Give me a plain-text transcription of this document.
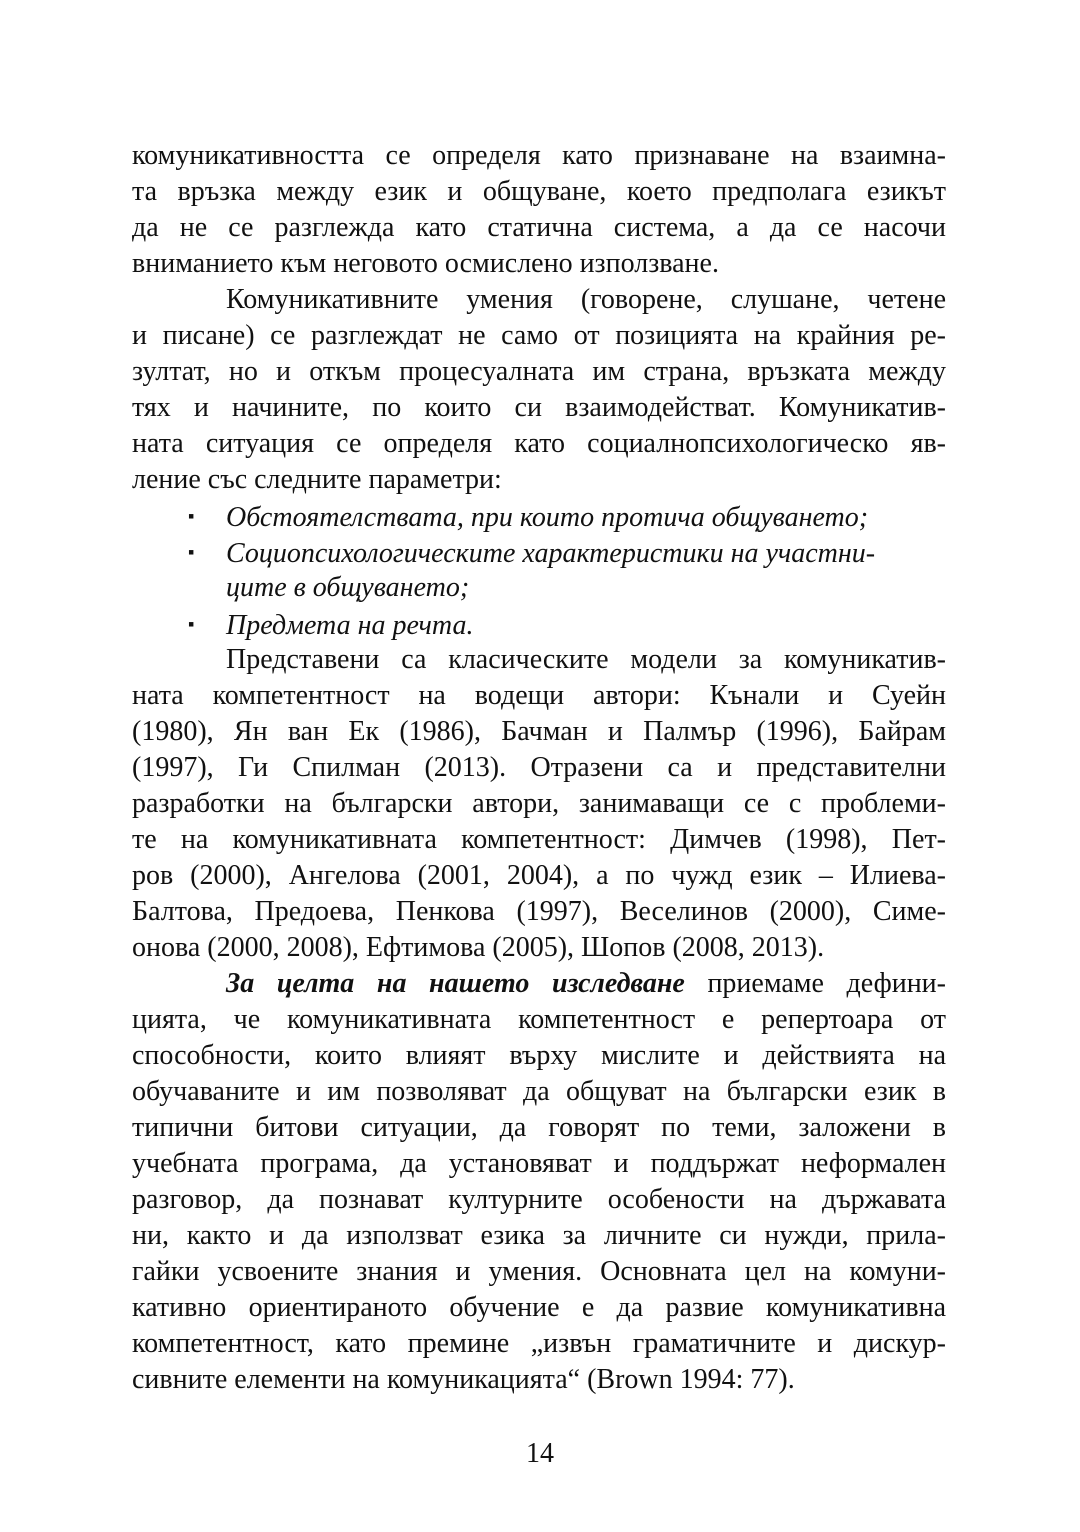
комуникативността се определя като признаване на взаимна-
та връзка между език и общуване, което предполага езикът
да не се разглежда като статична система, а да се насочи
вниманието към неговото осмислено използване.
Комуникативните умения (говорене, слушане, четене
и писане) се разглеждат не само от позицията на крайния ре-
зултат, но и откъм процесуалната им страна, връзката между
тях и начините, по които си взаимодействат. Комуникатив-
ната ситуация се определя като социалнопсихологическо яв-
ление със следните параметри:
▪ Обстоятелствата, при които протича общуването;
▪ Социопсихологическите характеристики на участни-
ците в общуването;
▪ Предмета на речта.
Представени са класическите модели за комуникатив-
ната компетентност на водещи автори: Кънали и Суейн
(1980), Ян ван Ек (1986), Бачман и Палмър (1996), Байрам
(1997), Ги Спилман (2013). Отразени са и представителни
разработки на български автори, занимаващи се с проблеми-
те на комуникативната компетентност: Димчев (1998), Пет-
ров (2000), Ангелова (2001, 2004), а по чужд език – Илиева-
Балтова, Предоева, Пенкова (1997), Веселинов (2000), Симе-
онова (2000, 2008), Ефтимова (2005), Шопов (2008, 2013).
За целта на нашето изследване приемаме дефини-
цията, че комуникативната компетентност е репертоара от
способности, които влияят върху мислите и действията на
обучаваните и им позволяват да общуват на български език в
типични битови ситуации, да говорят по теми, заложени в
учебната програма, да установяват и поддържат неформален
разговор, да познават културните особености на държавата
ни, както и да използват езика за личните си нужди, прила-
гайки усвоените знания и умения. Основната цел на комуни-
кативно ориентираното обучение е да развие комуникативна
компетентност, като премине „извън граматичните и дискур-
сивните елементи на комуникацията“ (Brown 1994: 77).
14
